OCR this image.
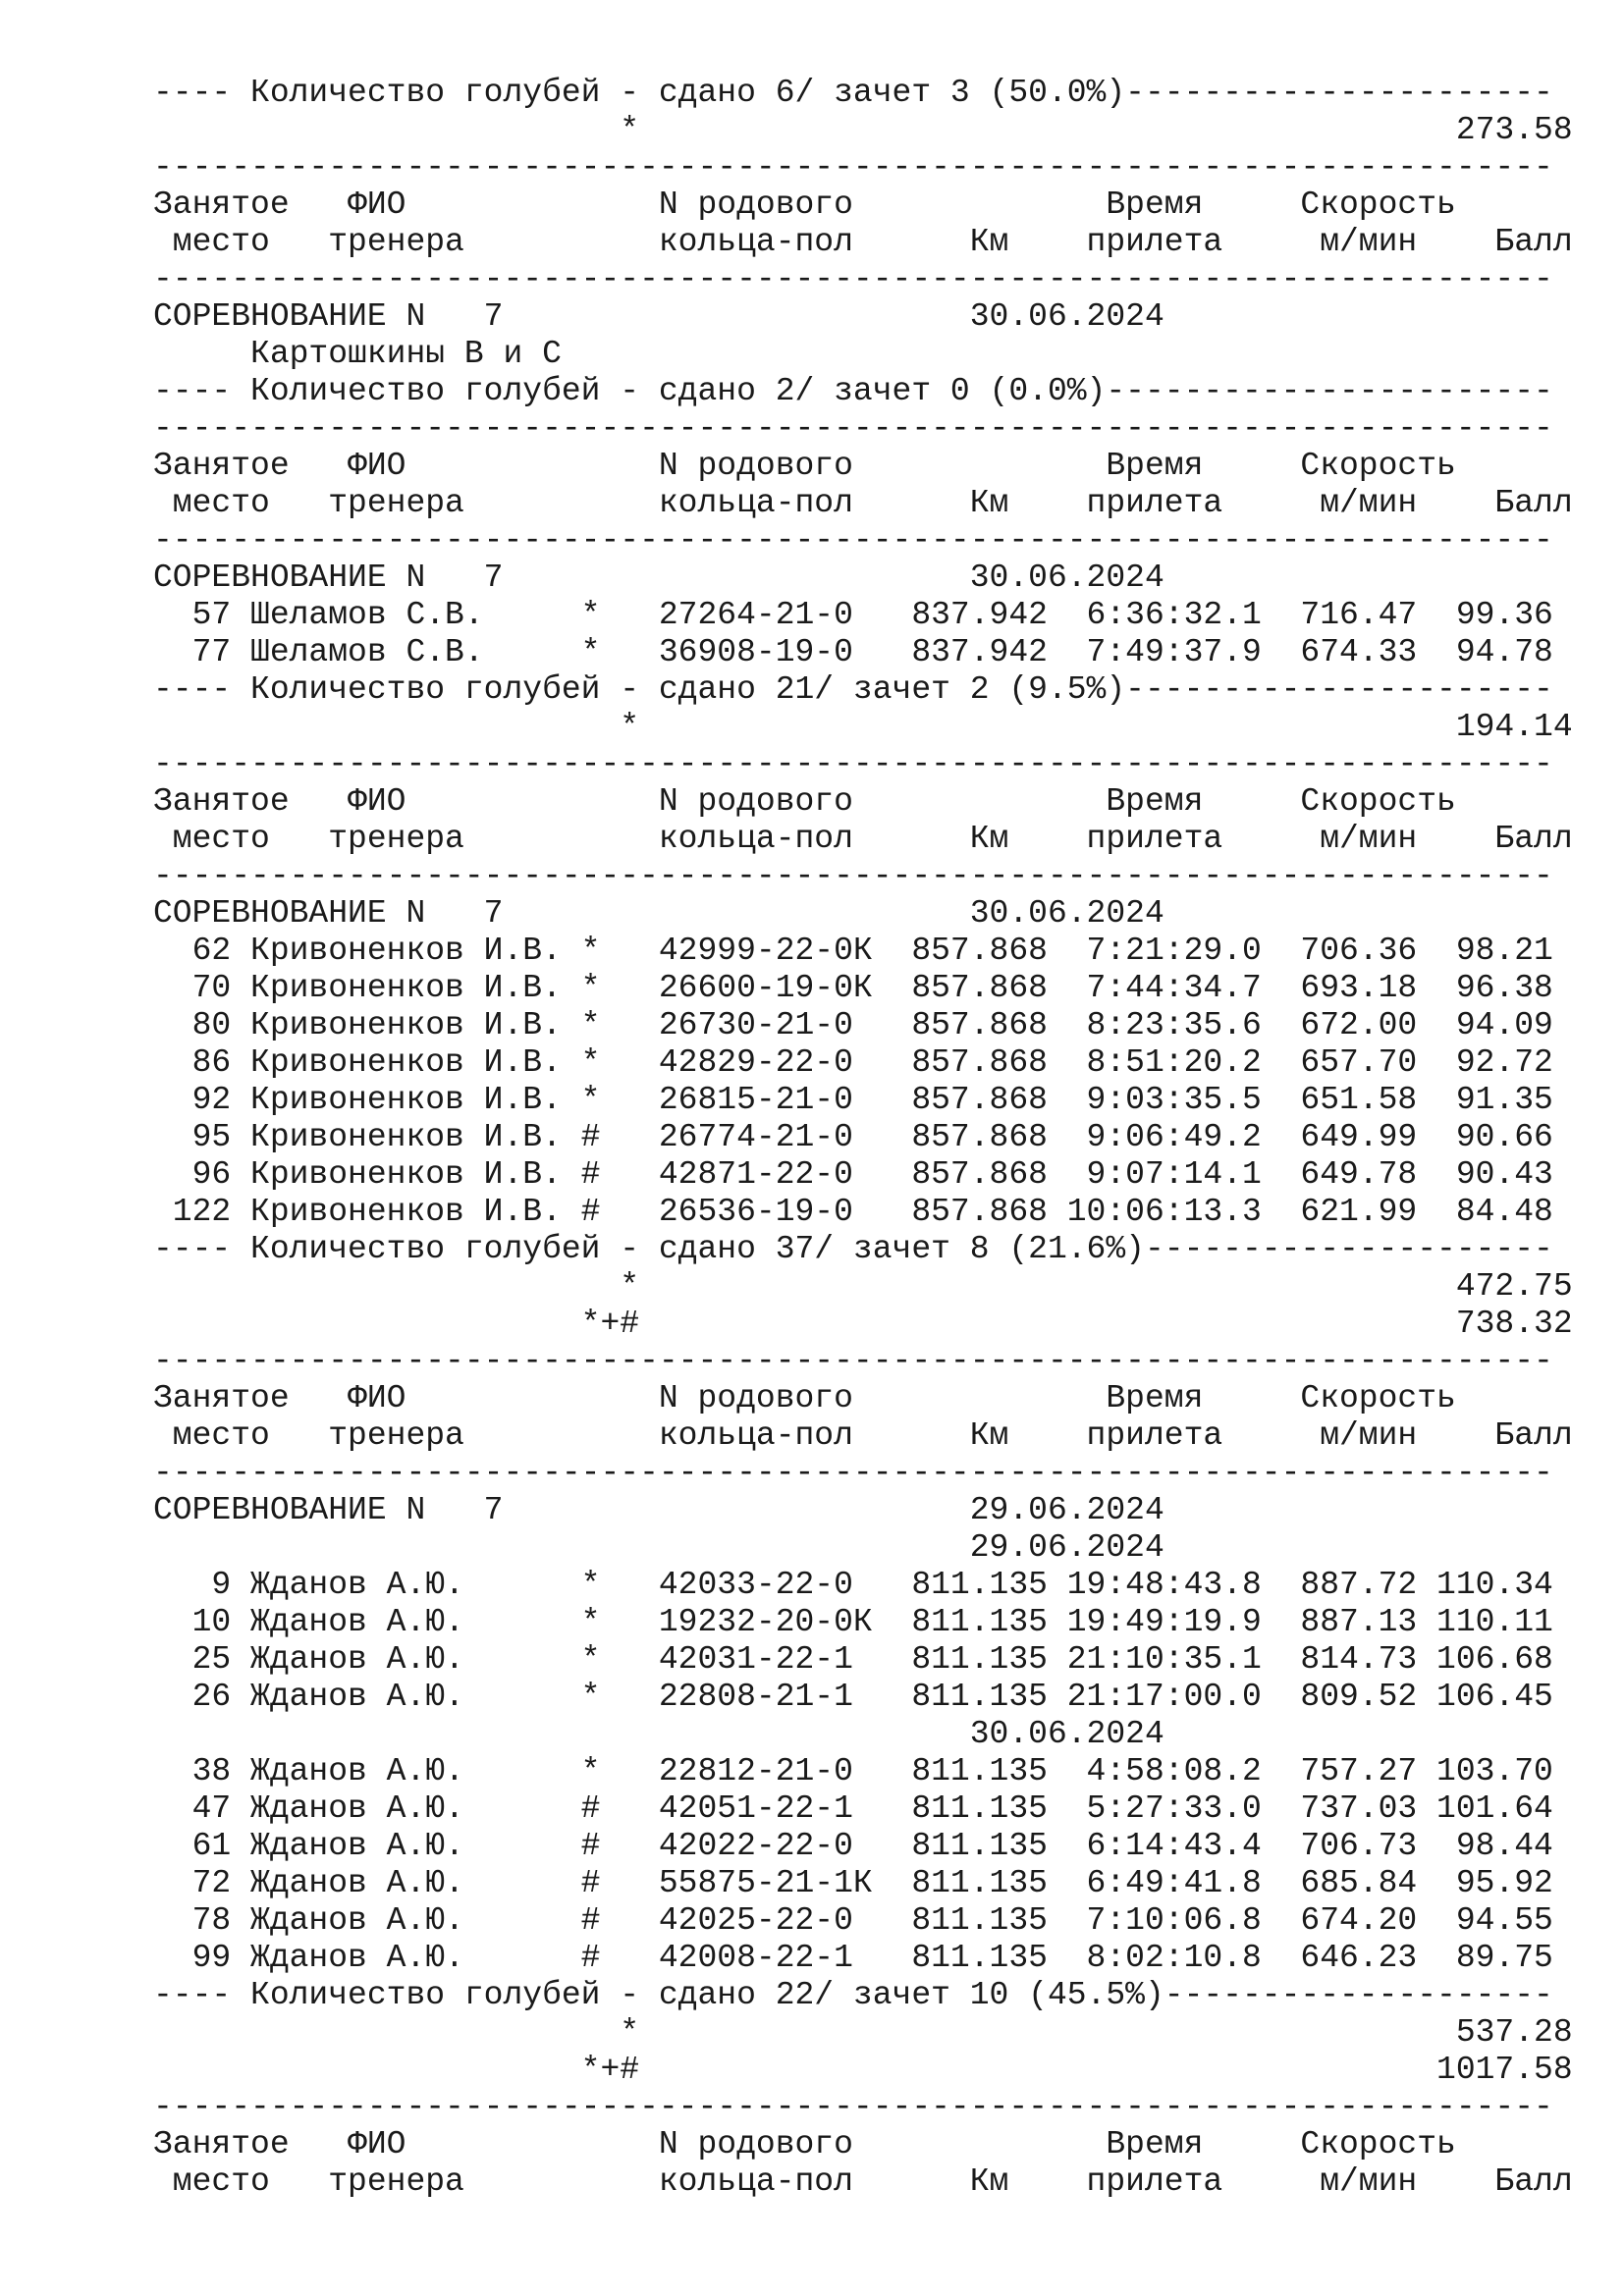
---- Количество голубей - сдано 6/ зачет 3 (50.0%)----------------------
*                                          273.58
------------------------------------------------------------------------
Занятое   ФИО             N родового             Время     Скорость
место   тренера          кольца-пол      Км    прилета     м/мин    Балл
------------------------------------------------------------------------
СОРЕВНОВАНИЕ N   7                        30.06.2024
Картошкины В и С
---- Количество голубей - сдано 2/ зачет 0 (0.0%)-----------------------
------------------------------------------------------------------------
Занятое   ФИО             N родового             Время     Скорость
место   тренера          кольца-пол      Км    прилета     м/мин    Балл
------------------------------------------------------------------------
СОРЕВНОВАНИЕ N   7                        30.06.2024
57 Шеламов С.В.     *   27264-21-0   837.942  6:36:32.1  716.47  99.36
77 Шеламов С.В.     *   36908-19-0   837.942  7:49:37.9  674.33  94.78
---- Количество голубей - сдано 21/ зачет 2 (9.5%)----------------------
*                                          194.14
------------------------------------------------------------------------
Занятое   ФИО             N родового             Время     Скорость
место   тренера          кольца-пол      Км    прилета     м/мин    Балл
------------------------------------------------------------------------
СОРЕВНОВАНИЕ N   7                        30.06.2024
62 Кривоненков И.В. *   42999-22-0К  857.868  7:21:29.0  706.36  98.21
70 Кривоненков И.В. *   26600-19-0К  857.868  7:44:34.7  693.18  96.38
80 Кривоненков И.В. *   26730-21-0   857.868  8:23:35.6  672.00  94.09
86 Кривоненков И.В. *   42829-22-0   857.868  8:51:20.2  657.70  92.72
92 Кривоненков И.В. *   26815-21-0   857.868  9:03:35.5  651.58  91.35
95 Кривоненков И.В. #   26774-21-0   857.868  9:06:49.2  649.99  90.66
96 Кривоненков И.В. #   42871-22-0   857.868  9:07:14.1  649.78  90.43
122 Кривоненков И.В. #   26536-19-0   857.868 10:06:13.3  621.99  84.48
---- Количество голубей - сдано 37/ зачет 8 (21.6%)---------------------
*                                          472.75
*+#                                          738.32
------------------------------------------------------------------------
Занятое   ФИО             N родового             Время     Скорость
место   тренера          кольца-пол      Км    прилета     м/мин    Балл
------------------------------------------------------------------------
СОРЕВНОВАНИЕ N   7                        29.06.2024
29.06.2024
9 Жданов А.Ю.      *   42033-22-0   811.135 19:48:43.8  887.72 110.34
10 Жданов А.Ю.      *   19232-20-0К  811.135 19:49:19.9  887.13 110.11
25 Жданов А.Ю.      *   42031-22-1   811.135 21:10:35.1  814.73 106.68
26 Жданов А.Ю.      *   22808-21-1   811.135 21:17:00.0  809.52 106.45
30.06.2024
38 Жданов А.Ю.      *   22812-21-0   811.135  4:58:08.2  757.27 103.70
47 Жданов А.Ю.      #   42051-22-1   811.135  5:27:33.0  737.03 101.64
61 Жданов А.Ю.      #   42022-22-0   811.135  6:14:43.4  706.73  98.44
72 Жданов А.Ю.      #   55875-21-1К  811.135  6:49:41.8  685.84  95.92
78 Жданов А.Ю.      #   42025-22-0   811.135  7:10:06.8  674.20  94.55
99 Жданов А.Ю.      #   42008-22-1   811.135  8:02:10.8  646.23  89.75
---- Количество голубей - сдано 22/ зачет 10 (45.5%)--------------------
*                                          537.28
*+#                                         1017.58
------------------------------------------------------------------------
Занятое   ФИО             N родового             Время     Скорость
место   тренера          кольца-пол      Км    прилета     м/мин    Балл
